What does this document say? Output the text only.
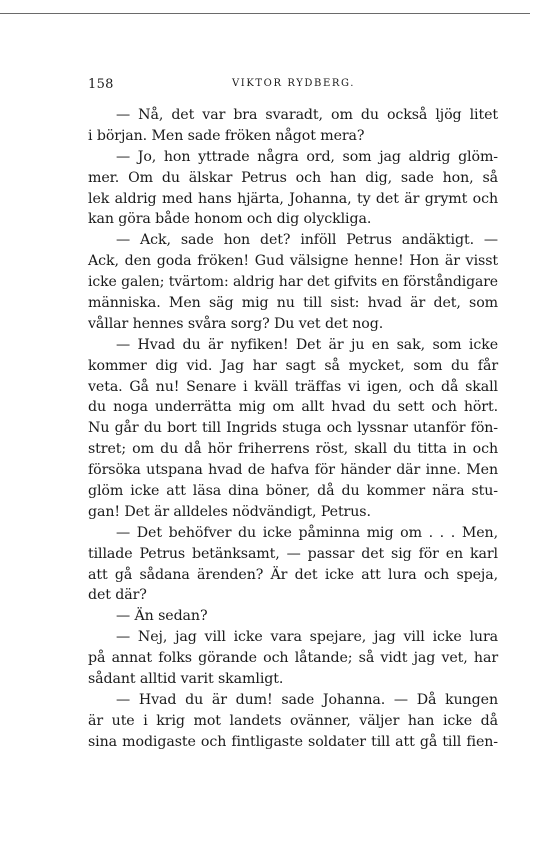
158	VIKTOR RYDBERG.
— Nå, det var bra svaradt, om du också ljög litet
i början. Men sade fröken något mera?
— Jo, hon yttrade några ord, som jag aldrig glöm-
mer. Om du älskar Petrus och han dig, sade hon, så
lek aldrig med hans hjärta, Johanna, ty det är grymt och
kan göra både honom och dig olyckliga.
— Ack, sade hon det? inföll Petrus andäktigt. —
Ack, den goda fröken! Gud välsigne henne! Hon är visst
icke galen; tvärtom: aldrig har det gifvits en förståndigare
människa. Men säg mig nu till sist: hvad är det, som
vållar hennes svåra sorg? Du vet det nog.
— Hvad du är nyfiken! Det är ju en sak, som icke
kommer dig vid. Jag har sagt så mycket, som du får
veta. Gå nu! Senare i kväll träffas vi igen, och då skall
du noga underrätta mig om allt hvad du sett och hört.
Nu går du bort till Ingrids stuga och lyssnar utanför fön-
stret; om du då hör friherrens röst, skall du titta in och
försöka utspana hvad de hafva för händer där inne. Men
glöm icke att läsa dina böner, då du kommer nära stu-
gan! Det är alldeles nödvändigt, Petrus.
— Det behöfver du icke påminna mig om . . . Men,
tillade Petrus betänksamt, — passar det sig för en karl
att gå sådana ärenden? Är det icke att lura och speja,
det där?
— Än sedan?
— Nej, jag vill icke vara spejare, jag vill icke lura
på annat folks görande och låtande; så vidt jag vet, har
sådant alltid varit skamligt.
— Hvad du är dum! sade Johanna. — Då kungen
är ute i krig mot landets ovänner, väljer han icke då
sina modigaste och fintligaste soldater till att gå till fien-
